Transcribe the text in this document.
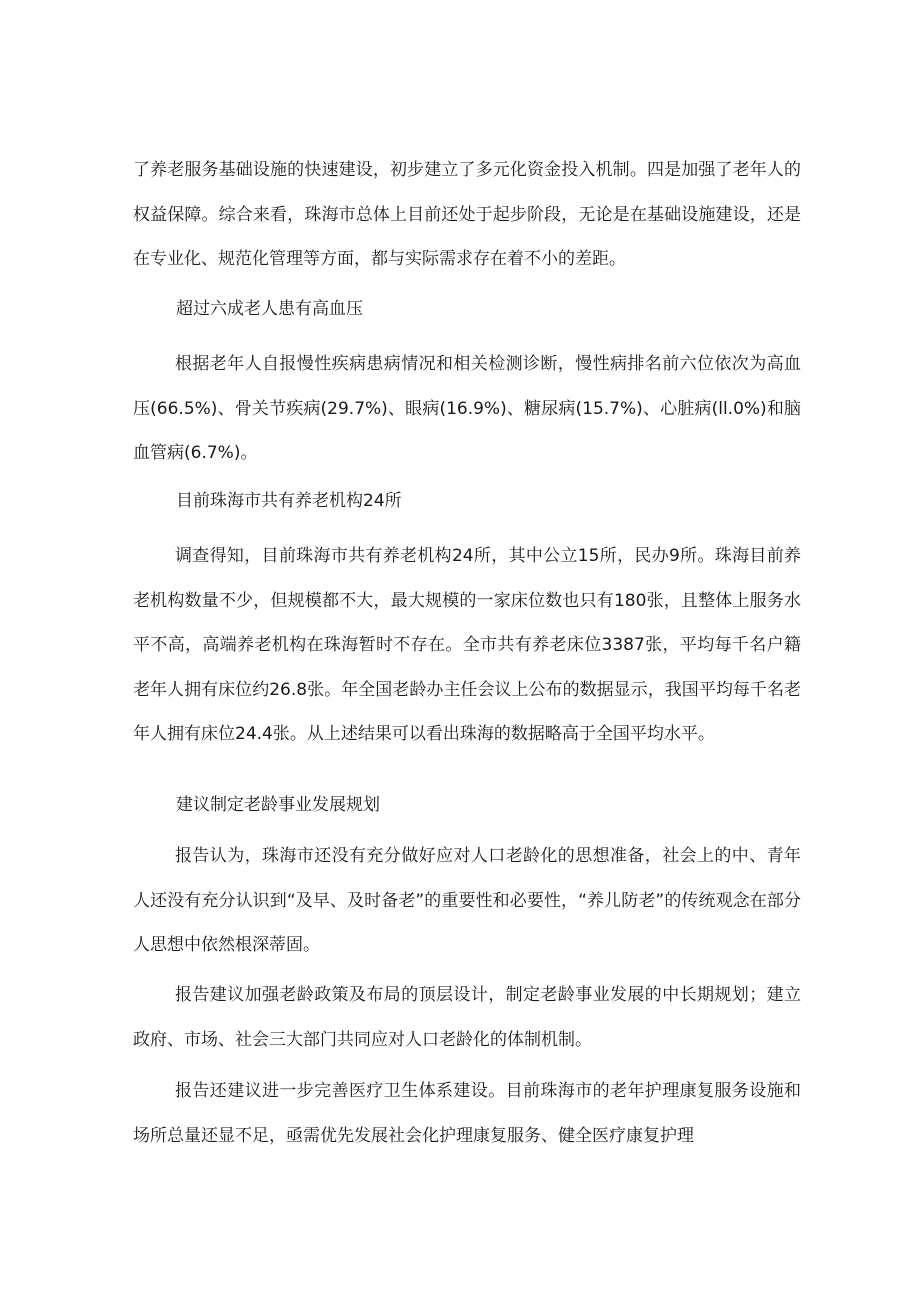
了养老服务基础设施的快速建设，初步建立了多元化资金投入机制。四是加强了老年人的权益保障。综合来看，珠海市总体上目前还处于起步阶段，无论是在基础设施建设，还是在专业化、规范化管理等方面，都与实际需求存在着不小的差距。

超过六成老人患有高血压

根据老年人自报慢性疾病患病情况和相关检测诊断，慢性病排名前六位依次为高血压(66.5%)、骨关节疾病(29.7%)、眼病(16.9%)、糖尿病(15.7%)、心脏病(ll.0%)和脑血管病(6.7%)。

目前珠海市共有养老机构24所

调查得知，目前珠海市共有养老机构24所，其中公立15所，民办9所。珠海目前养老机构数量不少，但规模都不大，最大规模的一家床位数也只有180张，且整体上服务水平不高，高端养老机构在珠海暂时不存在。全市共有养老床位3387张，平均每千名户籍老年人拥有床位约26.8张。年全国老龄办主任会议上公布的数据显示，我国平均每千名老年人拥有床位24.4张。从上述结果可以看出珠海的数据略高于全国平均水平。

建议制定老龄事业发展规划

报告认为，珠海市还没有充分做好应对人口老龄化的思想准备，社会上的中、青年人还没有充分认识到“及早、及时备老”的重要性和必要性，“养儿防老”的传统观念在部分人思想中依然根深蒂固。

报告建议加强老龄政策及布局的顶层设计，制定老龄事业发展的中长期规划；建立政府、市场、社会三大部门共同应对人口老龄化的体制机制。

报告还建议进一步完善医疗卫生体系建设。目前珠海市的老年护理康复服务设施和场所总量还显不足，亟需优先发展社会化护理康复服务、健全医疗康复护理
